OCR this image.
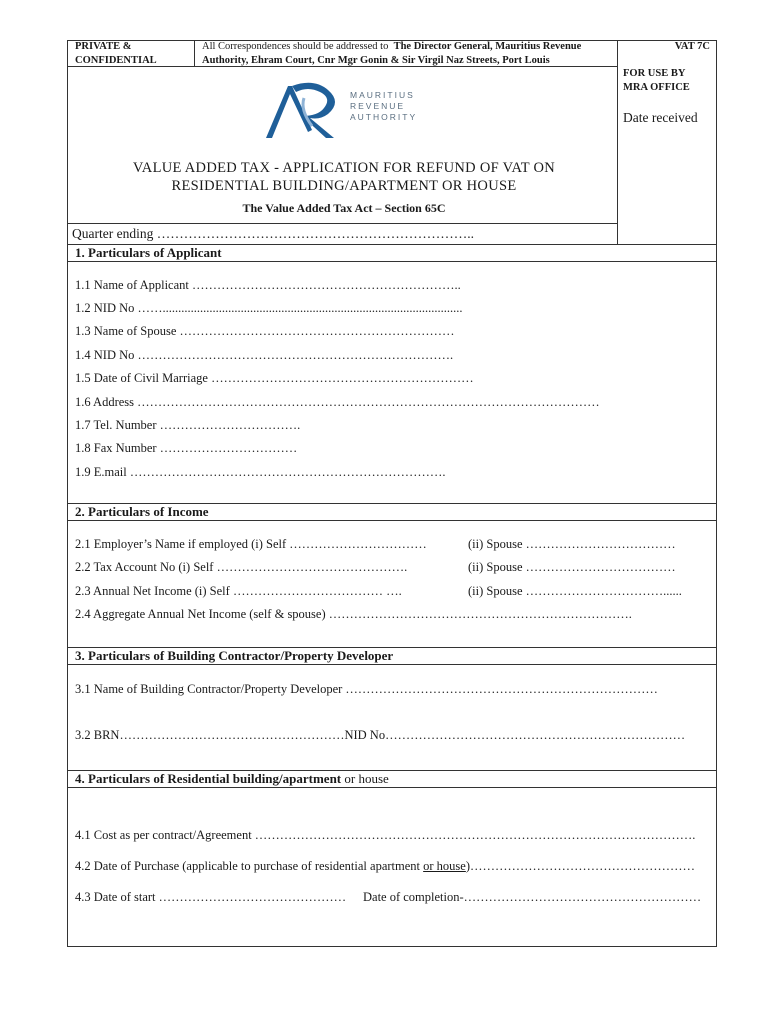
PRIVATE &
CONFIDENTIAL
All Correspondences should be addressed to The Director General, Mauritius Revenue
Authority, Ehram Court, Cnr Mgr Gonin & Sir Virgil Naz Streets, Port Louis
VAT 7C
FOR USE BY
MRA OFFICE
Date received
MAURITIUS
REVENUE
AUTHORITY
VALUE ADDED TAX - APPLICATION FOR REFUND OF VAT ON
RESIDENTIAL BUILDING/APARTMENT OR HOUSE
The Value Added Tax Act – Section 65C
Quarter ending ……………………………………………………………..
1. Particulars of Applicant
1.1 Name of Applicant ………………………………………………………..
1.2 NID No ……................................................................................................
1.3 Name of Spouse …………………………………………………………
1.4 NID No ………………………………………………………………….
1.5 Date of Civil Marriage ………………………………………………………
1.6 Address …………………………………………………………………………………………………
1.7 Tel. Number …………………………….
1.8 Fax Number ……………………………
1.9 E.mail ………………………………………………………………….
2. Particulars of Income
2.1 Employer’s Name if employed (i) Self ……………………………	(ii) Spouse ………………………………
2.2 Tax Account No (i) Self ……………………………………….	(ii) Spouse ………………………………
2.3 Annual Net Income (i) Self ……………………………… ….	(ii) Spouse ……………………………......
2.4 Aggregate Annual Net Income (self & spouse) ……………………………………………………………….
3. Particulars of Building Contractor/Property Developer
3.1 Name of Building Contractor/Property Developer …………………………………………………………………
3.2 BRN………………………………………………NID No………………………………………………………………
4. Particulars of Residential building/apartment or house
4.1 Cost as per contract/Agreement …………………………………………………………………………………………….
4.2 Date of Purchase (applicable to purchase of residential apartment or house)………………………………………………
4.3 Date of start ……………………………………… Date of completion-…………………………………………………
